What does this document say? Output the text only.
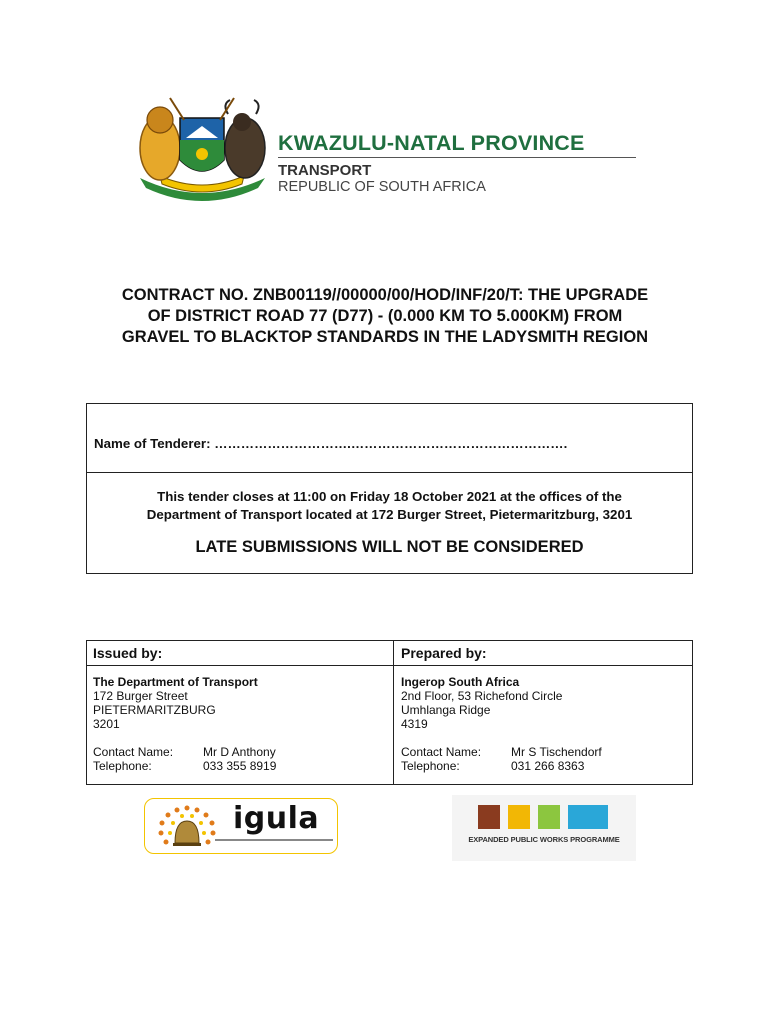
KWAZULU-NATAL PROVINCE
TRANSPORT
REPUBLIC OF SOUTH AFRICA
CONTRACT NO. ZNB00119//00000/00/HOD/INF/20/T: THE UPGRADE
OF DISTRICT ROAD 77 (D77) - (0.000 KM TO 5.000KM) FROM
GRAVEL TO BLACKTOP STANDARDS IN THE LADYSMITH REGION
Name of Tenderer: ………………………….………………………………………….
This tender closes at 11:00 on Friday 18 October 2021 at the offices of the
Department of Transport located at 172 Burger Street, Pietermaritzburg, 3201
LATE SUBMISSIONS WILL NOT BE CONSIDERED
Issued by:
The Department of Transport
172 Burger Street
PIETERMARITZBURG
3201
Contact Name:	Mr D Anthony
Telephone:	033 355 8919
Prepared by:
Ingerop South Africa
2nd Floor, 53 Richefond Circle
Umhlanga Ridge
4319
Contact Name:	Mr S Tischendorf
Telephone:	031 266 8363
igula
EXPANDED PUBLIC WORKS PROGRAMME
